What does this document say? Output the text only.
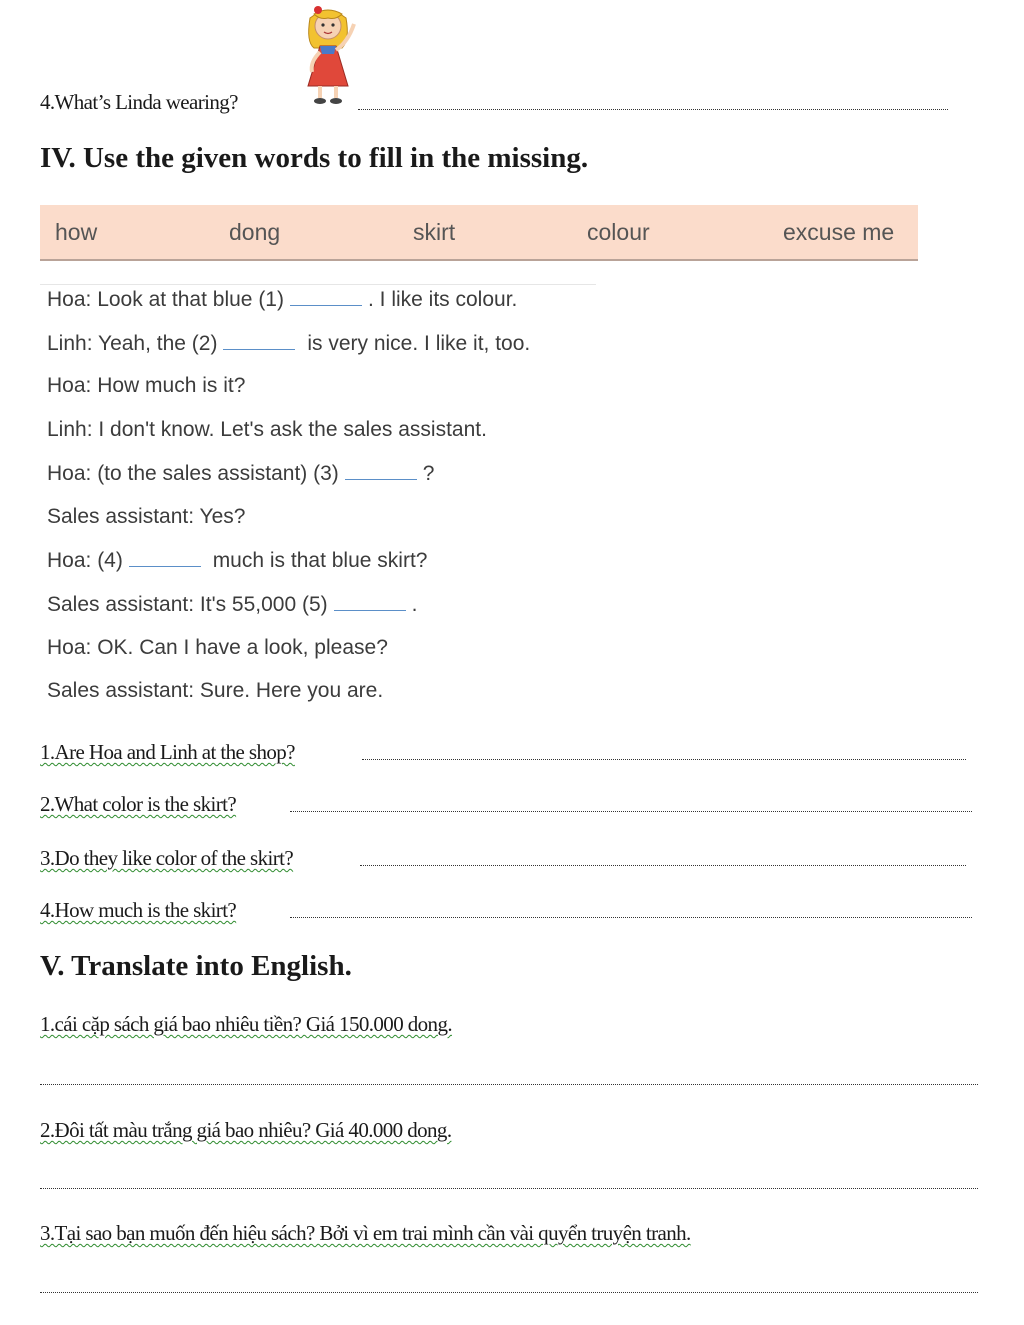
4.What’s Linda wearing?
IV. Use the given words to fill in the missing.
how	dong	skirt	colour	excuse me
Hoa: Look at that blue (1)	. I like its colour.
Linh: Yeah, the (2)	is very nice. I like it, too.
Hoa: How much is it?
Linh: I don't know. Let's ask the sales assistant.
Hoa: (to the sales assistant) (3)	?
Sales assistant: Yes?
Hoa: (4)	much is that blue skirt?
Sales assistant: It's 55,000 (5)	.
Hoa: OK. Can I have a look, please?
Sales assistant: Sure. Here you are.
1.Are Hoa and Linh at the shop?
2.What color is the skirt?
3.Do they like color of the skirt?
4.How much is the skirt?
V. Translate into English.
1.cái cặp sách giá bao nhiêu tiền? Giá 150.000 dong.
2.Đôi tất màu trắng giá bao nhiêu? Giá 40.000 dong.
3.Tại sao bạn muốn đến hiệu sách? Bởi vì em trai mình cần vài quyển truyện tranh.
